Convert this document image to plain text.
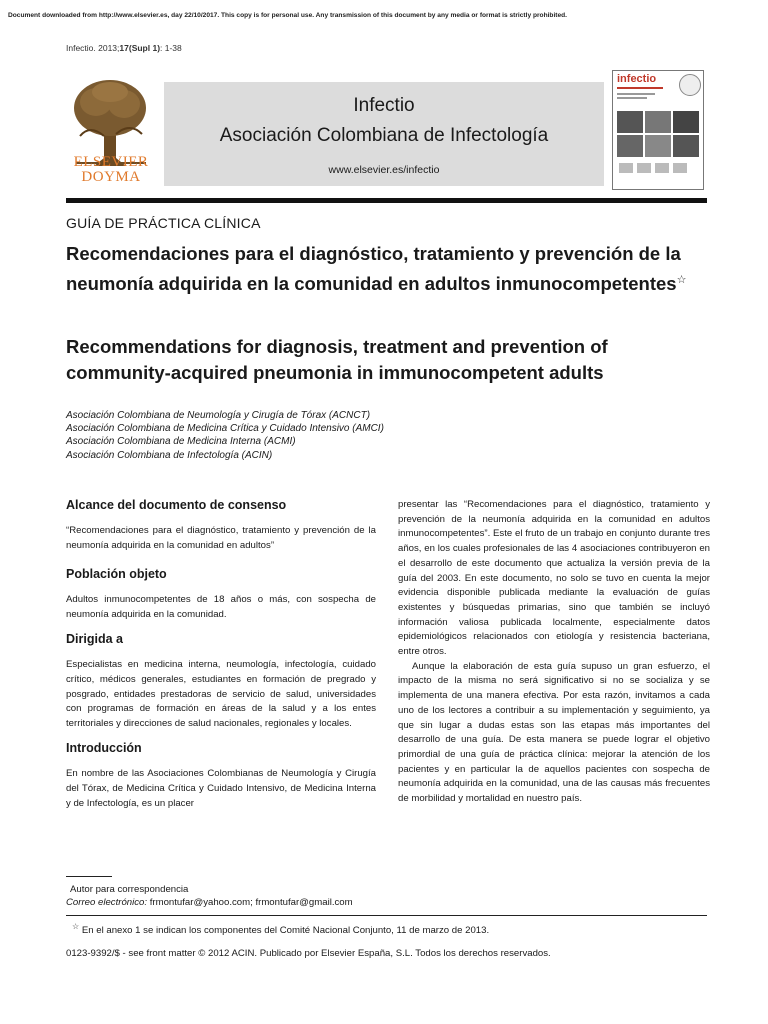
Document downloaded from http://www.elsevier.es, day 22/10/2017. This copy is for personal use. Any transmission of this document by any media or format is strictly prohibited.
Infectio. 2013;17(Supl 1): 1-38
ELSEVIER
DOYMA
Infectio
Asociación Colombiana de Infectología
www.elsevier.es/infectio
infectio
GUÍA DE PRÁCTICA CLÍNICA
Recomendaciones para el diagnóstico, tratamiento y prevención de la neumonía adquirida en la comunidad en adultos inmunocompetentes☆
Recommendations for diagnosis, treatment and prevention of community-acquired pneumonia in immunocompetent adults
Asociación Colombiana de Neumología y Cirugía de Tórax (ACNCT)
Asociación Colombiana de Medicina Crítica y Cuidado Intensivo (AMCI)
Asociación Colombiana de Medicina Interna (ACMI)
Asociación Colombiana de Infectología (ACIN)
Alcance del documento de consenso

“Recomendaciones para el diagnóstico, tratamiento y prevención de la neumonía adquirida en la comunidad en adultos”

Población objeto

Adultos inmunocompetentes de 18 años o más, con sospecha de neumonía adquirida en la comunidad.

Dirigida a

Especialistas en medicina interna, neumología, infectología, cuidado crítico, médicos generales, estudiantes en formación de pregrado y posgrado, entidades prestadoras de servicio de salud, universidades con programas de formación en áreas de la salud y a los entes territoriales y direcciones de salud nacionales, regionales y locales.

Introducción

En nombre de las Asociaciones Colombianas de Neumología y Cirugía del Tórax, de Medicina Crítica y Cuidado Intensivo, de Medicina Interna y de Infectología, es un placer

presentar las “Recomendaciones para el diagnóstico, tratamiento y prevención de la neumonía adquirida en la comunidad en adultos inmunocompetentes”. Este el fruto de un trabajo en conjunto durante tres años, en los cuales profesionales de las 4 asociaciones contribuyeron en el desarrollo de este documento que actualiza la versión previa de la guía del 2003. En este documento, no solo se tuvo en cuenta la mejor evidencia disponible publicada mediante la evaluación de guías existentes y búsquedas primarias, sino que también se incluyó información valiosa publicada localmente, especialmente datos epidemiológicos relacionados con etiología y resistencia bacteriana, entre otros.

Aunque la elaboración de esta guía supuso un gran esfuerzo, el impacto de la misma no será significativo si no se socializa y se implementa de una manera efectiva. Por esta razón, invitamos a cada uno de los lectores a contribuir a su implementación y seguimiento, ya que sin lugar a dudas estas son las etapas más importantes del desarrollo de una guía. De esta manera se puede lograr el objetivo primordial de una guía de práctica clínica: mejorar la atención de los pacientes y en particular la de aquellos pacientes con sospecha de neumonía adquirida en la comunidad, una de las causas más frecuentes de morbilidad y mortalidad en nuestro país.

Autor para correspondencia
Correo electrónico: frmontufar@yahoo.com; frmontufar@gmail.com
☆ En el anexo 1 se indican los componentes del Comité Nacional Conjunto, 11 de marzo de 2013.
0123-9392/$ - see front matter © 2012 ACIN. Publicado por Elsevier España, S.L. Todos los derechos reservados.
